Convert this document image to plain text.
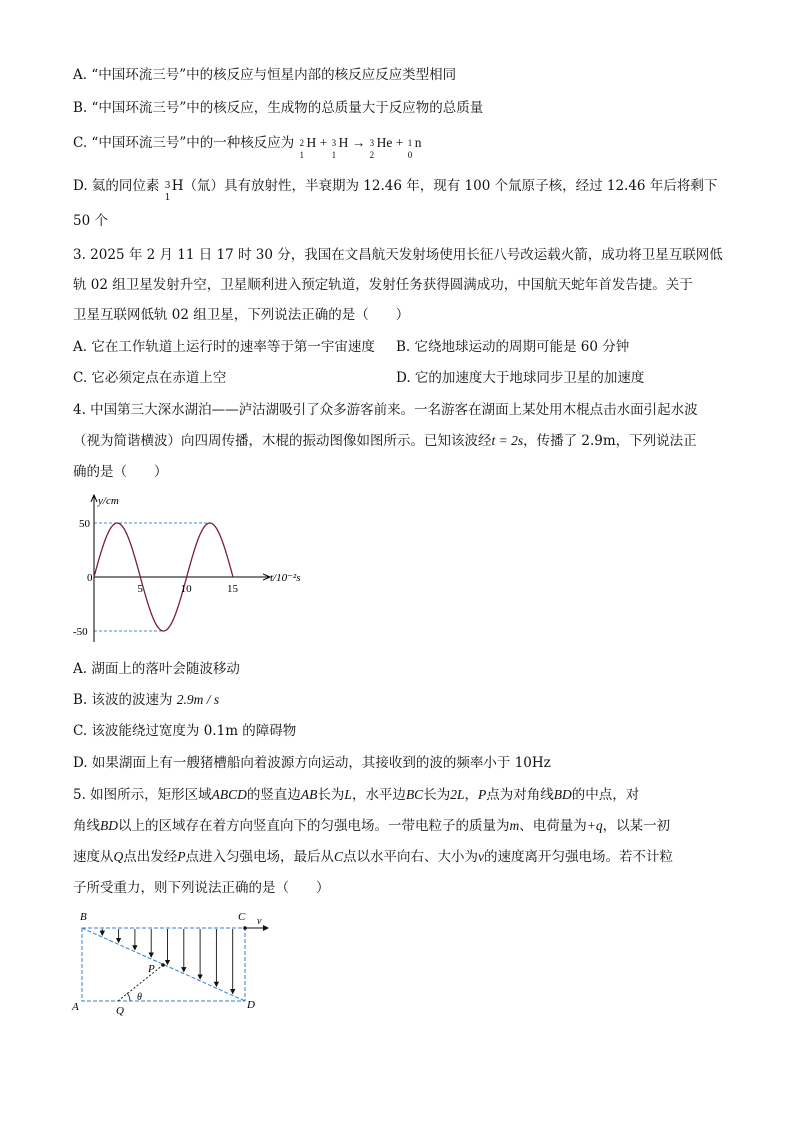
A. “中国环流三号”中的核反应与恒星内部的核反应反应类型相同
B. “中国环流三号”中的核反应，生成物的总质量大于反应物的总质量
C. “中国环流三号”中的一种核反应为 2
1
H + 3
1
H → 3
2
He + 1
0
n
D. 氦的同位素 3
1
H（氚）具有放射性，半衰期为 12.46 年，现有 100 个氚原子核，经过 12.46 年后将剩下
50 个
3. 2025 年 2 月 11 日 17 时 30 分，我国在文昌航天发射场使用长征八号改运载火箭，成功将卫星互联网低
轨 02 组卫星发射升空，卫星顺利进入预定轨道，发射任务获得圆满成功，中国航天蛇年首发告捷。关于
卫星互联网低轨 02 组卫星，下列说法正确的是（　　）
A. 它在工作轨道上运行时的速率等于第一宇宙速度 B. 它绕地球运动的周期可能是 60 分钟
C. 它必须定点在赤道上空	D. 它的加速度大于地球同步卫星的加速度
4. 中国第三大深水湖泊——泸沽湖吸引了众多游客前来。一名游客在湖面上某处用木棍点击水面引起水波
（视为简谐横波）向四周传播，木棍的振动图像如图所示。已知该波经t = 2s，传播了 2.9m，下列说法正
确的是（　　）
0
5	10	15
50
-50
y/cm
t/10⁻²s
A. 湖面上的落叶会随波移动
B. 该波的波速为 2.9m / s
C. 该波能绕过宽度为 0.1m 的障碍物
D. 如果湖面上有一艘猪槽船向着波源方向运动，其接收到的波的频率小于 10Hz
5. 如图所示，矩形区域ABCD的竖直边AB长为L，水平边BC长为2L，P点为对角线BD的中点，对
角线BD以上的区域存在着方向竖直向下的匀强电场。一带电粒子的质量为m、电荷量为+q，以某一初
速度从Q点出发经P点进入匀强电场，最后从C点以水平向右、大小为v的速度离开匀强电场。若不计粒
子所受重力，则下列说法正确的是（　　）
B	C v
A	D
P
Q
θ
